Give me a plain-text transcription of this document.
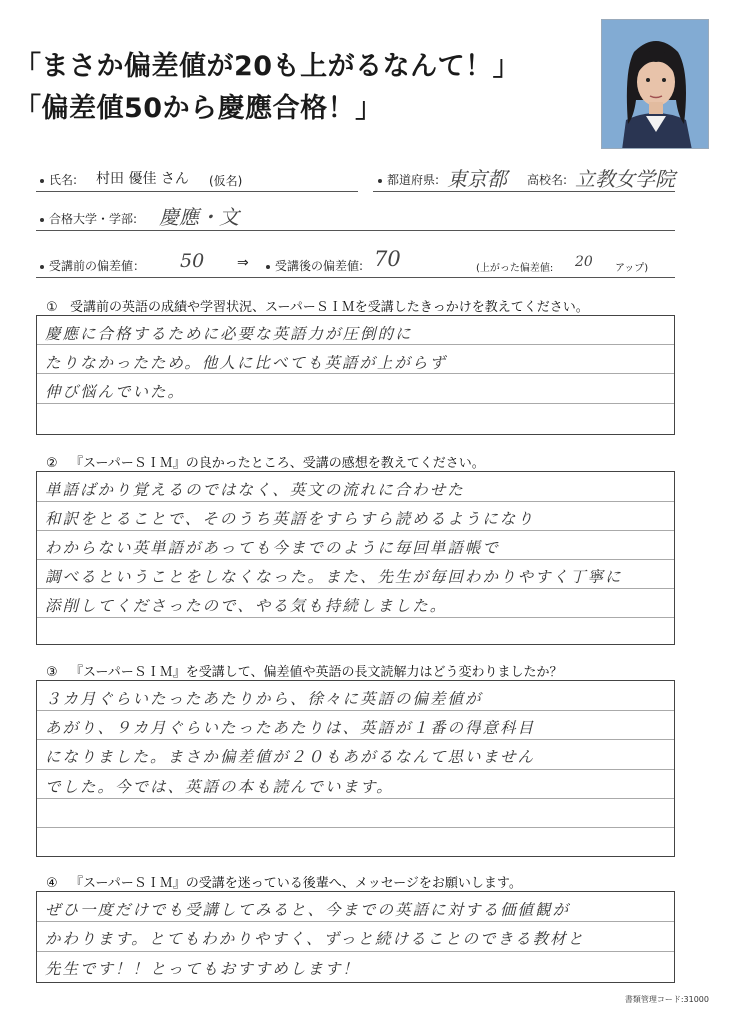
「まさか偏差値が20も上がるなんて！」
「偏差値50から慶應合格！」
氏名: 村田 優佳 さん (仮名)	都道府県: 東京都 高校名: 立教女学院
合格大学・学部: 慶應・文
受講前の偏差値： 50 ⇒	受講後の偏差値: 70	(上がった偏差値: 20 アップ)
① 受講前の英語の成績や学習状況、スーパーＳＩＭを受講したきっかけを教えてください。
慶應に合格するために必要な英語力が圧倒的に
たりなかったため。他人に比べても英語が上がらず
伸び悩んでいた。
② 『スーパーＳＩＭ』の良かったところ、受講の感想を教えてください。
単語ばかり覚えるのではなく、英文の流れに合わせた
和訳をとることで、そのうち英語をすらすら読めるようになり
わからない英単語があっても今までのように毎回単語帳で
調べるということをしなくなった。また、先生が毎回わかりやすく丁寧に
添削してくださったので、やる気も持続しました。
③ 『スーパーＳＩＭ』を受講して、偏差値や英語の長文読解力はどう変わりましたか？
３カ月ぐらいたったあたりから、徐々に英語の偏差値が
あがり、９カ月ぐらいたったあたりは、英語が１番の得意科目
になりました。まさか偏差値が２０もあがるなんて思いません
でした。今では、英語の本も読んでいます。
④ 『スーパーＳＩＭ』の受講を迷っている後輩へ、メッセージをお願いします。
ぜひ一度だけでも受講してみると、今までの英語に対する価値観が
かわります。とてもわかりやすく、ずっと続けることのできる教材と
先生です！！とってもおすすめします！
書類管理コード:31000
